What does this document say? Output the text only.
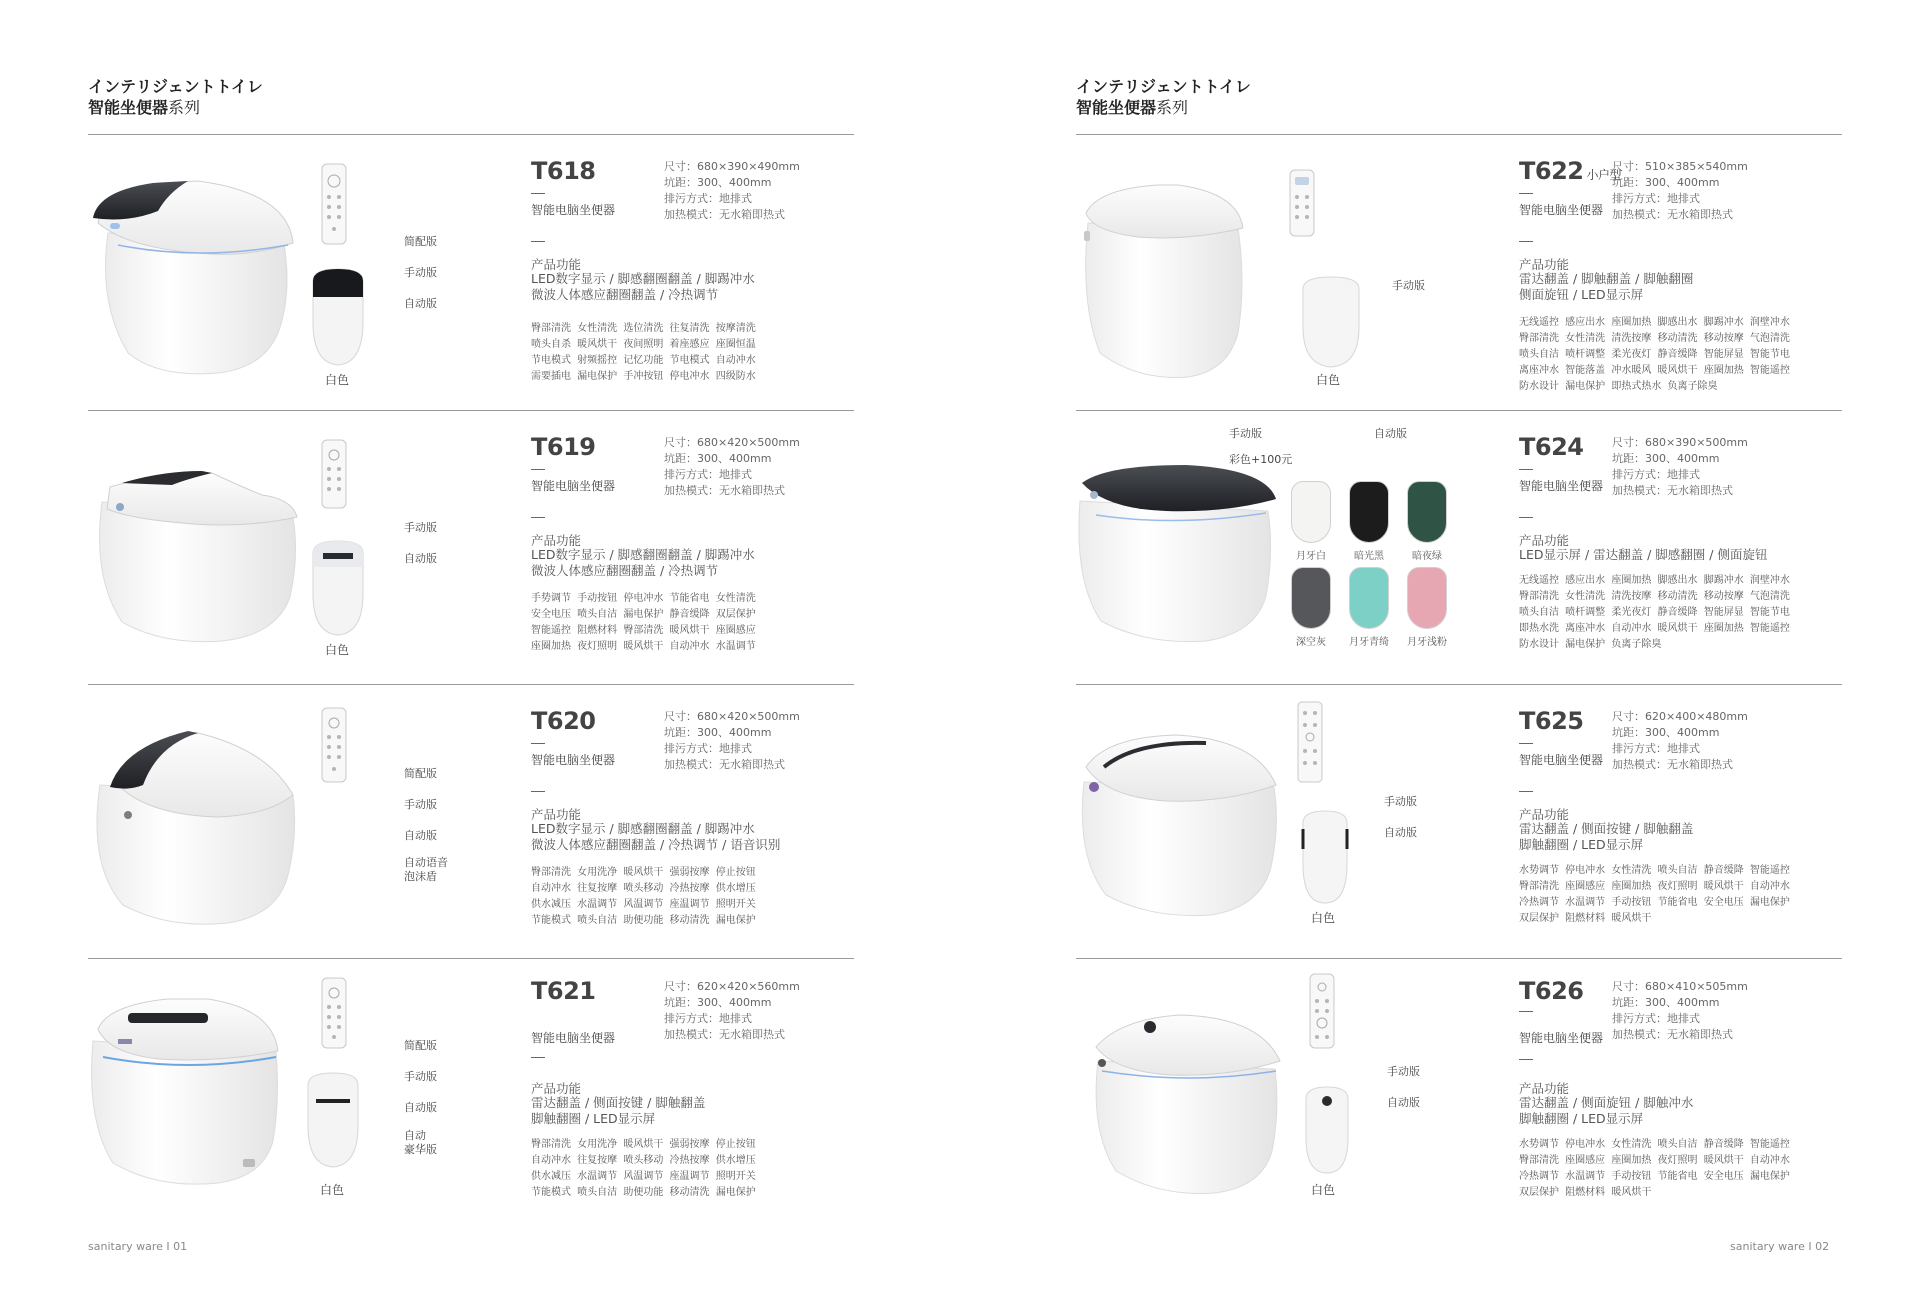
インテリジェントトイレ
智能坐便器系列
白色
简配版
手动版
自动版
T618
智能电脑坐便器
尺寸：680×390×490mm
坑距：300、400mm
排污方式：地排式
加热模式：无水箱即热式
产品功能
LED数字显示 / 脚感翻圈翻盖 / 脚踢冲水
微波人体感应翻圈翻盖 / 冷热调节
臀部清洗 女性清洗 选位清洗 往复清洗 按摩清洗
喷头自杀 暖风烘干 夜间照明 着座感应 座圈恒温
节电模式 射频摇控 记忆功能 节电模式 自动冲水
需要插电 漏电保护 手冲按钮 停电冲水 四级防水
白色
手动版
自动版
T619
智能电脑坐便器
尺寸：680×420×500mm
坑距：300、400mm
排污方式：地排式
加热模式：无水箱即热式
产品功能
LED数字显示 / 脚感翻圈翻盖 / 脚踢冲水
微波人体感应翻圈翻盖 / 冷热调节
手势调节 手动按钮 停电冲水 节能省电 女性清洗
安全电压 喷头自洁 漏电保护 静音缓降 双层保护
智能遥控 阻燃材料 臀部清洗 暖风烘干 座圈感应
座圈加热 夜灯照明 暖风烘干 自动冲水 水温调节
简配版
手动版
自动版
自动语音
泡沫盾
T620
智能电脑坐便器
尺寸：680×420×500mm
坑距：300、400mm
排污方式：地排式
加热模式：无水箱即热式
产品功能
LED数字显示 / 脚感翻圈翻盖 / 脚踢冲水
微波人体感应翻圈翻盖 / 冷热调节 / 语音识别
臀部清洗 女用洗净 暖风烘干 强弱按摩 停止按钮
自动冲水 往复按摩 喷头移动 冷热按摩 供水增压
供水减压 水温调节 风温调节 座温调节 照明开关
节能模式 喷头自洁 助便功能 移动清洗 漏电保护
白色
简配版
手动版
自动版
自动
豪华版
T621
智能电脑坐便器
尺寸：620×420×560mm
坑距：300、400mm
排污方式：地排式
加热模式：无水箱即热式
产品功能
雷达翻盖 / 侧面按键 / 脚触翻盖
脚触翻圈 / LED显示屏
臀部清洗 女用洗净 暖风烘干 强弱按摩 停止按钮
自动冲水 往复按摩 喷头移动 冷热按摩 供水增压
供水减压 水温调节 风温调节 座温调节 照明开关
节能模式 喷头自洁 助便功能 移动清洗 漏电保护
sanitary ware Ι 01
インテリジェントトイレ
智能坐便器系列
白色
手动版
T622 小户型
智能电脑坐便器
尺寸：510×385×540mm
坑距：300、400mm
排污方式：地排式
加热模式：无水箱即热式
产品功能
雷达翻盖 / 脚触翻盖 / 脚触翻圈
侧面旋钮 / LED显示屏
无线遥控 感应出水 座圈加热 脚感出水 脚踢冲水 润壁冲水
臀部清洗 女性清洗 清洗按摩 移动清洗 移动按摩 气泡清洗
喷头自洁 喷杆调整 柔光夜灯 静音缓降 智能屏显 智能节电
离座冲水 智能落盖 冲水暖风 暖风烘干 座圈加热 智能遥控
防水设计 漏电保护 即热式热水 负离子除臭
手动版	自动版
彩色+100元
月牙白	暗光黑	暗夜绿
深空灰	月牙青绮	月牙浅粉
T624
智能电脑坐便器
尺寸：680×390×500mm
坑距：300、400mm
排污方式：地排式
加热模式：无水箱即热式
产品功能
LED显示屏 / 雷达翻盖 / 脚感翻圈 / 侧面旋钮
无线遥控 感应出水 座圈加热 脚感出水 脚踢冲水 润壁冲水
臀部清洗 女性清洗 清洗按摩 移动清洗 移动按摩 气泡清洗
喷头自洁 喷杆调整 柔光夜灯 静音缓降 智能屏显 智能节电
即热水洗 离座冲水 自动冲水 暖风烘干 座圈加热 智能遥控
防水设计 漏电保护 负离子除臭
白色
手动版
自动版
T625
智能电脑坐便器
尺寸：620×400×480mm
坑距：300、400mm
排污方式：地排式
加热模式：无水箱即热式
产品功能
雷达翻盖 / 侧面按键 / 脚触翻盖
脚触翻圈 / LED显示屏
水势调节 停电冲水 女性清洗 喷头自洁 静音缓降 智能遥控
臀部清洗 座圈感应 座圈加热 夜灯照明 暖风烘干 自动冲水
冷热调节 水温调节 手动按钮 节能省电 安全电压 漏电保护
双层保护 阻燃材料 暖风烘干
白色
手动版
自动版
T626
智能电脑坐便器
尺寸：680×410×505mm
坑距：300、400mm
排污方式：地排式
加热模式：无水箱即热式
产品功能
雷达翻盖 / 侧面旋钮 / 脚触冲水
脚触翻圈 / LED显示屏
水势调节 停电冲水 女性清洗 喷头自洁 静音缓降 智能遥控
臀部清洗 座圈感应 座圈加热 夜灯照明 暖风烘干 自动冲水
冷热调节 水温调节 手动按钮 节能省电 安全电压 漏电保护
双层保护 阻燃材料 暖风烘干
sanitary ware Ι 02
